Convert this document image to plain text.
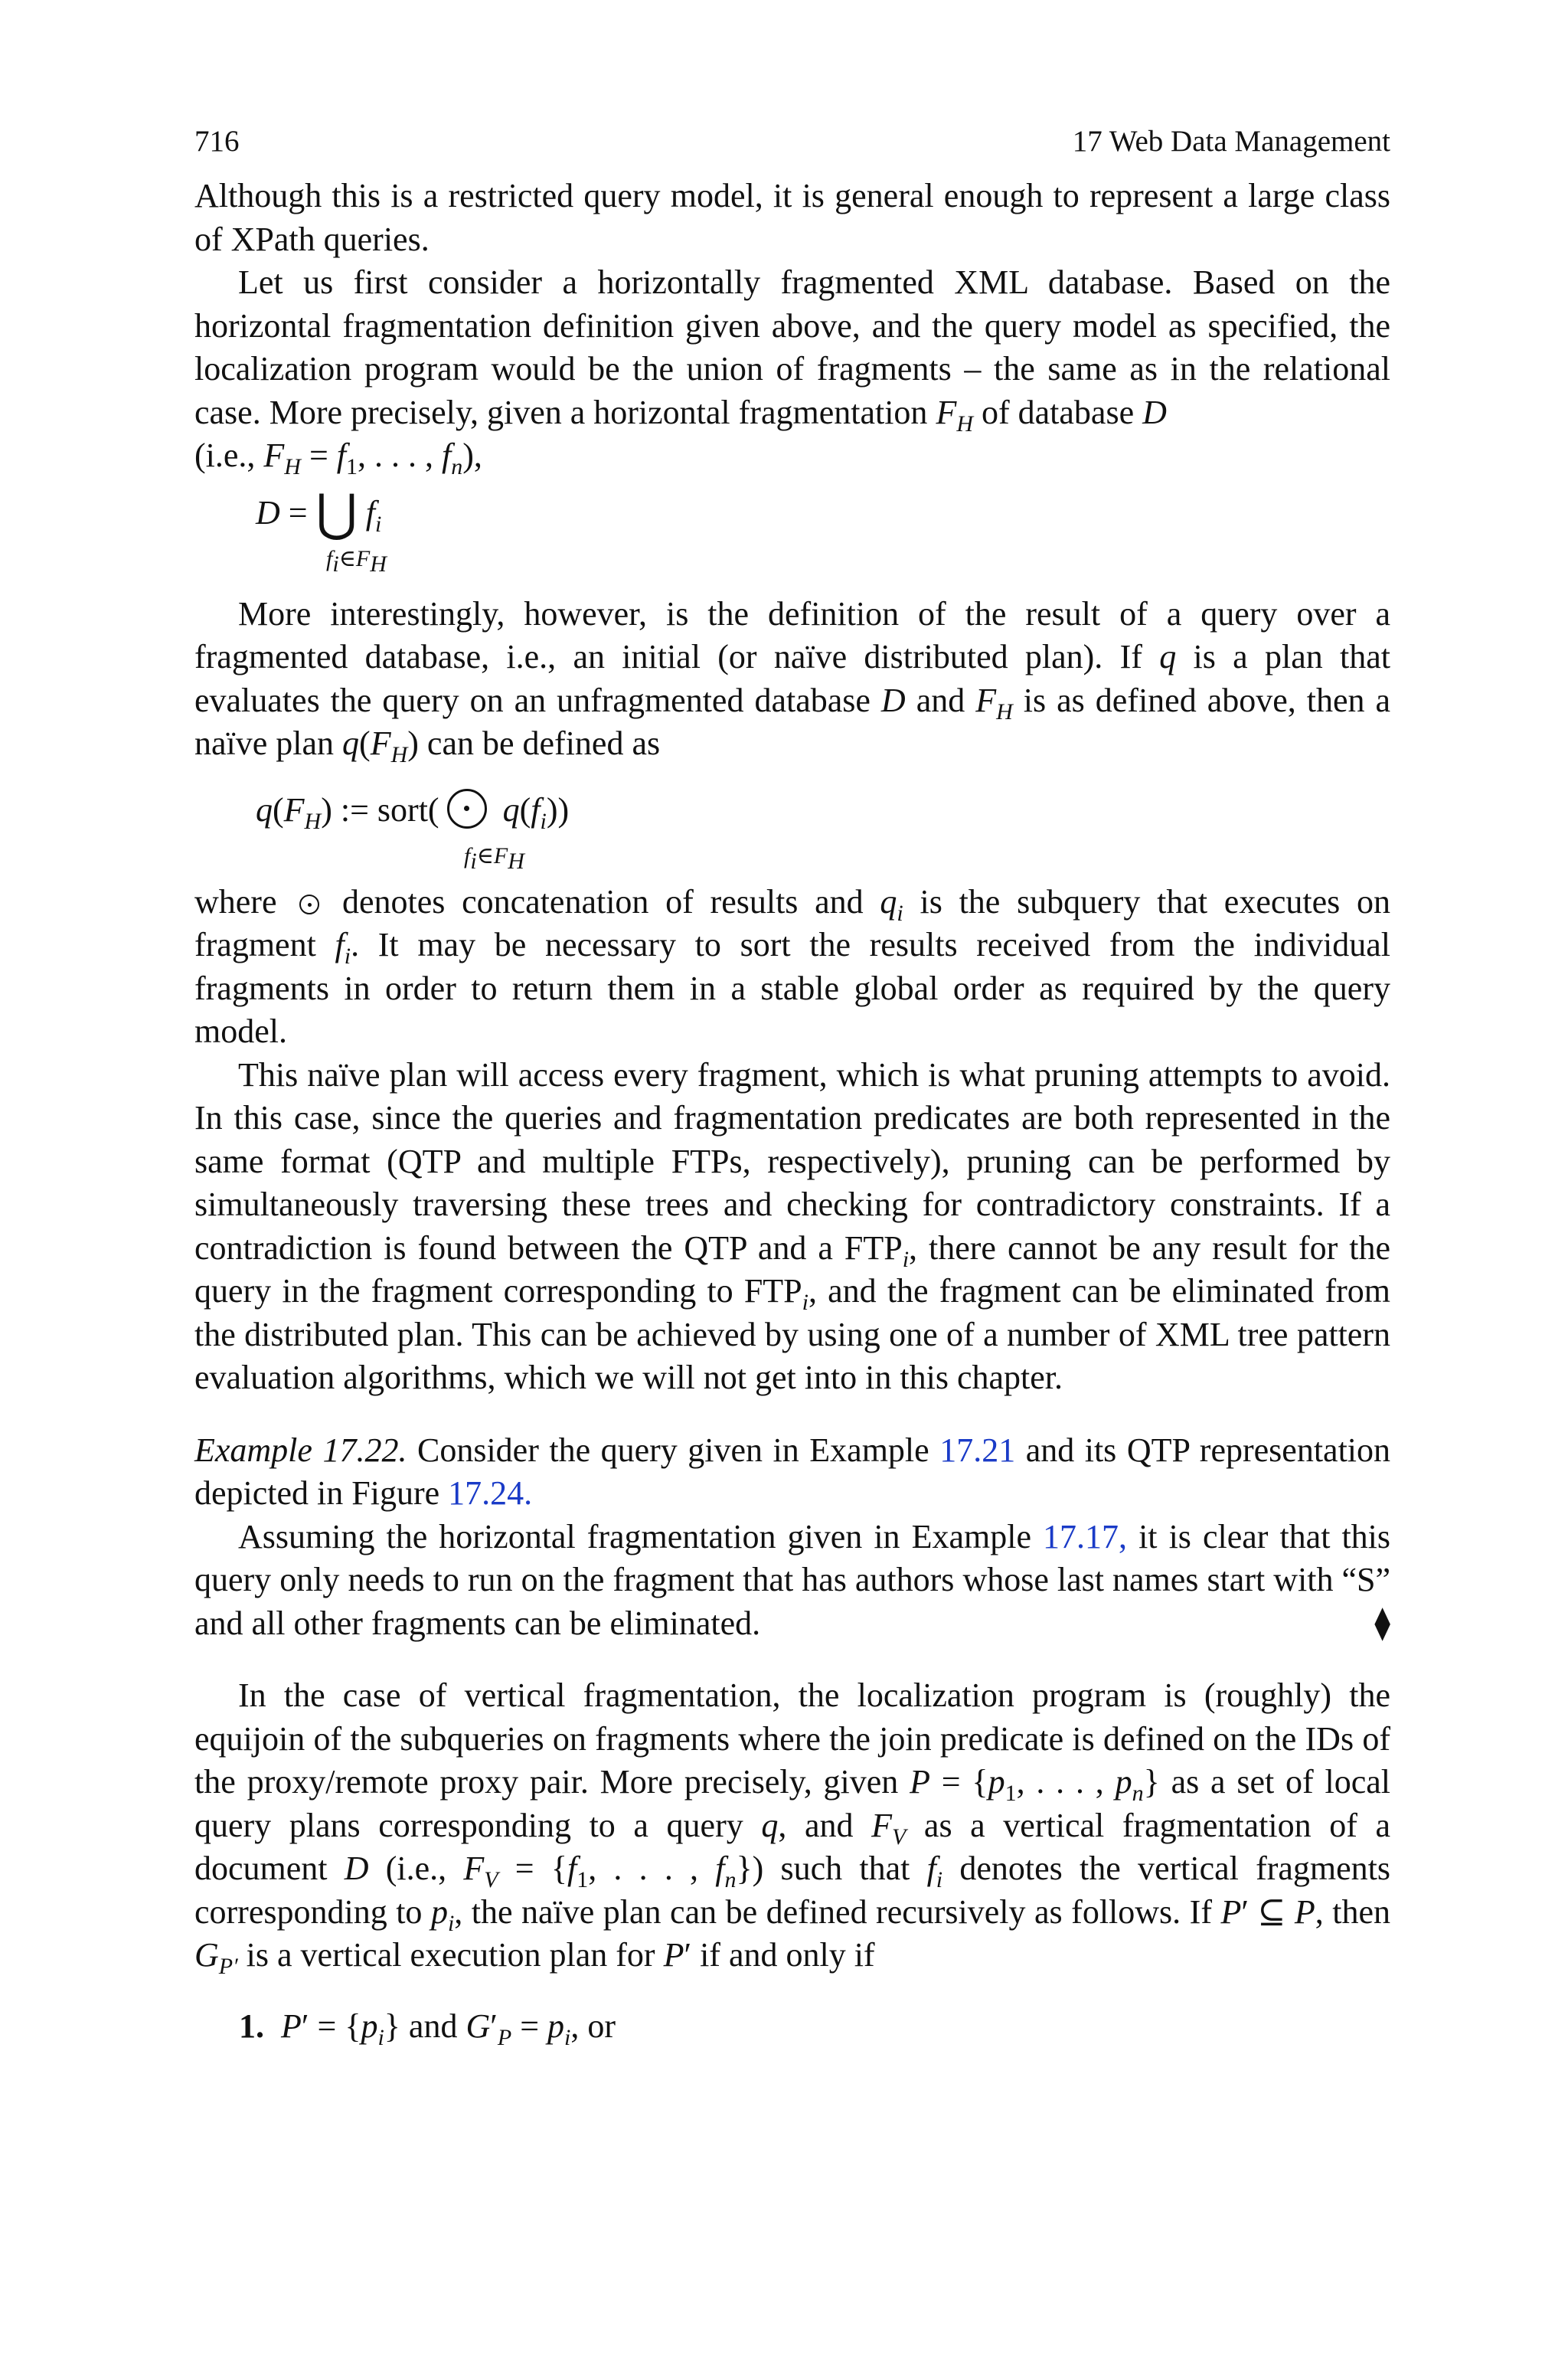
716	17 Web Data Management

Although this is a restricted query model, it is general enough to represent a large class of XPath queries.

Let us first consider a horizontally fragmented XML database. Based on the horizontal fragmentation definition given above, and the query model as specified, the localization program would be the union of fragments – the same as in the relational case. More precisely, given a horizontal fragmentation $F_H$ of database D
(i.e., $F_H = f_1$, . . . , $f_n$),

D = ⋃ $f_i$
$f_i\in F_H$

More interestingly, however, is the definition of the result of a query over a fragmented database, i.e., an initial (or naïve distributed plan). If q is a plan that evaluates the query on an unfragmented database D and $F_H$ is as defined above, then a naïve plan $q(F_H)$ can be defined as

$q(F_H)$ := sort( $q(f_i)$)
$f_i\in F_H$

where denotes concatenation of results and $q_i$ is the subquery that executes on fragment $f_i$. It may be necessary to sort the results received from the individual fragments in order to return them in a stable global order as required by the query model.

This naïve plan will access every fragment, which is what pruning attempts to avoid. In this case, since the queries and fragmentation predicates are both represented in the same format (QTP and multiple FTPs, respectively), pruning can be performed by simultaneously traversing these trees and checking for contradictory constraints. If a contradiction is found between the QTP and a $FTP_i$, there cannot be any result for the query in the fragment corresponding to $FTP_i$, and the fragment can be eliminated from the distributed plan. This can be achieved by using one of a number of XML tree pattern evaluation algorithms, which we will not get into in this chapter.

Example 17.22. Consider the query given in Example 17.21 and its QTP representation depicted in Figure 17.24.

Assuming the horizontal fragmentation given in Example 17.17, it is clear that this query only needs to run on the fragment that has authors whose last names start with “S” and all other fragments can be eliminated.	⧫

In the case of vertical fragmentation, the localization program is (roughly) the equijoin of the subqueries on fragments where the join predicate is defined on the IDs of the proxy/remote proxy pair. More precisely, given $P = \{p_1$, . . . , $p_n$} as a set of local query plans corresponding to a query q, and $F_V$ as a vertical fragmentation of a document D (i.e., $F_V = \{f_1$, . . . , $f_n$}) such that $f_i$ denotes the vertical fragments corresponding to $p_i$, the naïve plan can be defined recursively as follows. If P′ ⊆ P, then $G_{P'}$ is a vertical execution plan for P′ if and only if

1. $P' = \{p_i\}$ and $G'_P = p_i$, or
